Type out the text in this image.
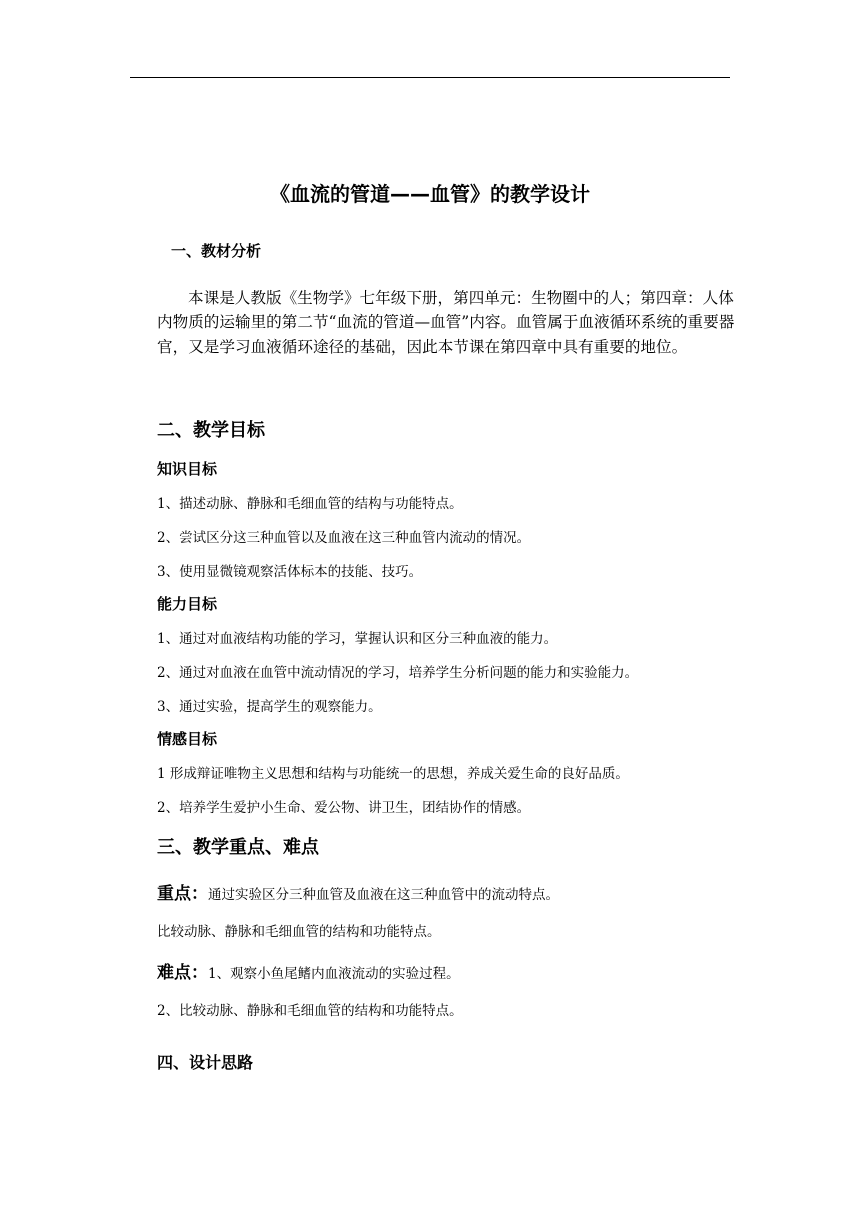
《血流的管道——血管》的教学设计
一、教材分析
本课是人教版《生物学》七年级下册，第四单元：生物圈中的人；第四章：人体内物质的运输里的第二节“血流的管道—血管”内容。血管属于血液循环系统的重要器官，又是学习血液循环途径的基础，因此本节课在第四章中具有重要的地位。
二、教学目标
知识目标
1、描述动脉、静脉和毛细血管的结构与功能特点。
2、尝试区分这三种血管以及血液在这三种血管内流动的情况。
3、使用显微镜观察活体标本的技能、技巧。
能力目标
1、通过对血液结构功能的学习，掌握认识和区分三种血液的能力。
2、通过对血液在血管中流动情况的学习，培养学生分析问题的能力和实验能力。
3、通过实验，提高学生的观察能力。
情感目标
1 形成辩证唯物主义思想和结构与功能统一的思想，养成关爱生命的良好品质。
2、培养学生爱护小生命、爱公物、讲卫生，团结协作的情感。
三、教学重点、难点
重点：通过实验区分三种血管及血液在这三种血管中的流动特点。
比较动脉、静脉和毛细血管的结构和功能特点。
难点：1、观察小鱼尾鳍内血液流动的实验过程。
2、比较动脉、静脉和毛细血管的结构和功能特点。
四、设计思路
